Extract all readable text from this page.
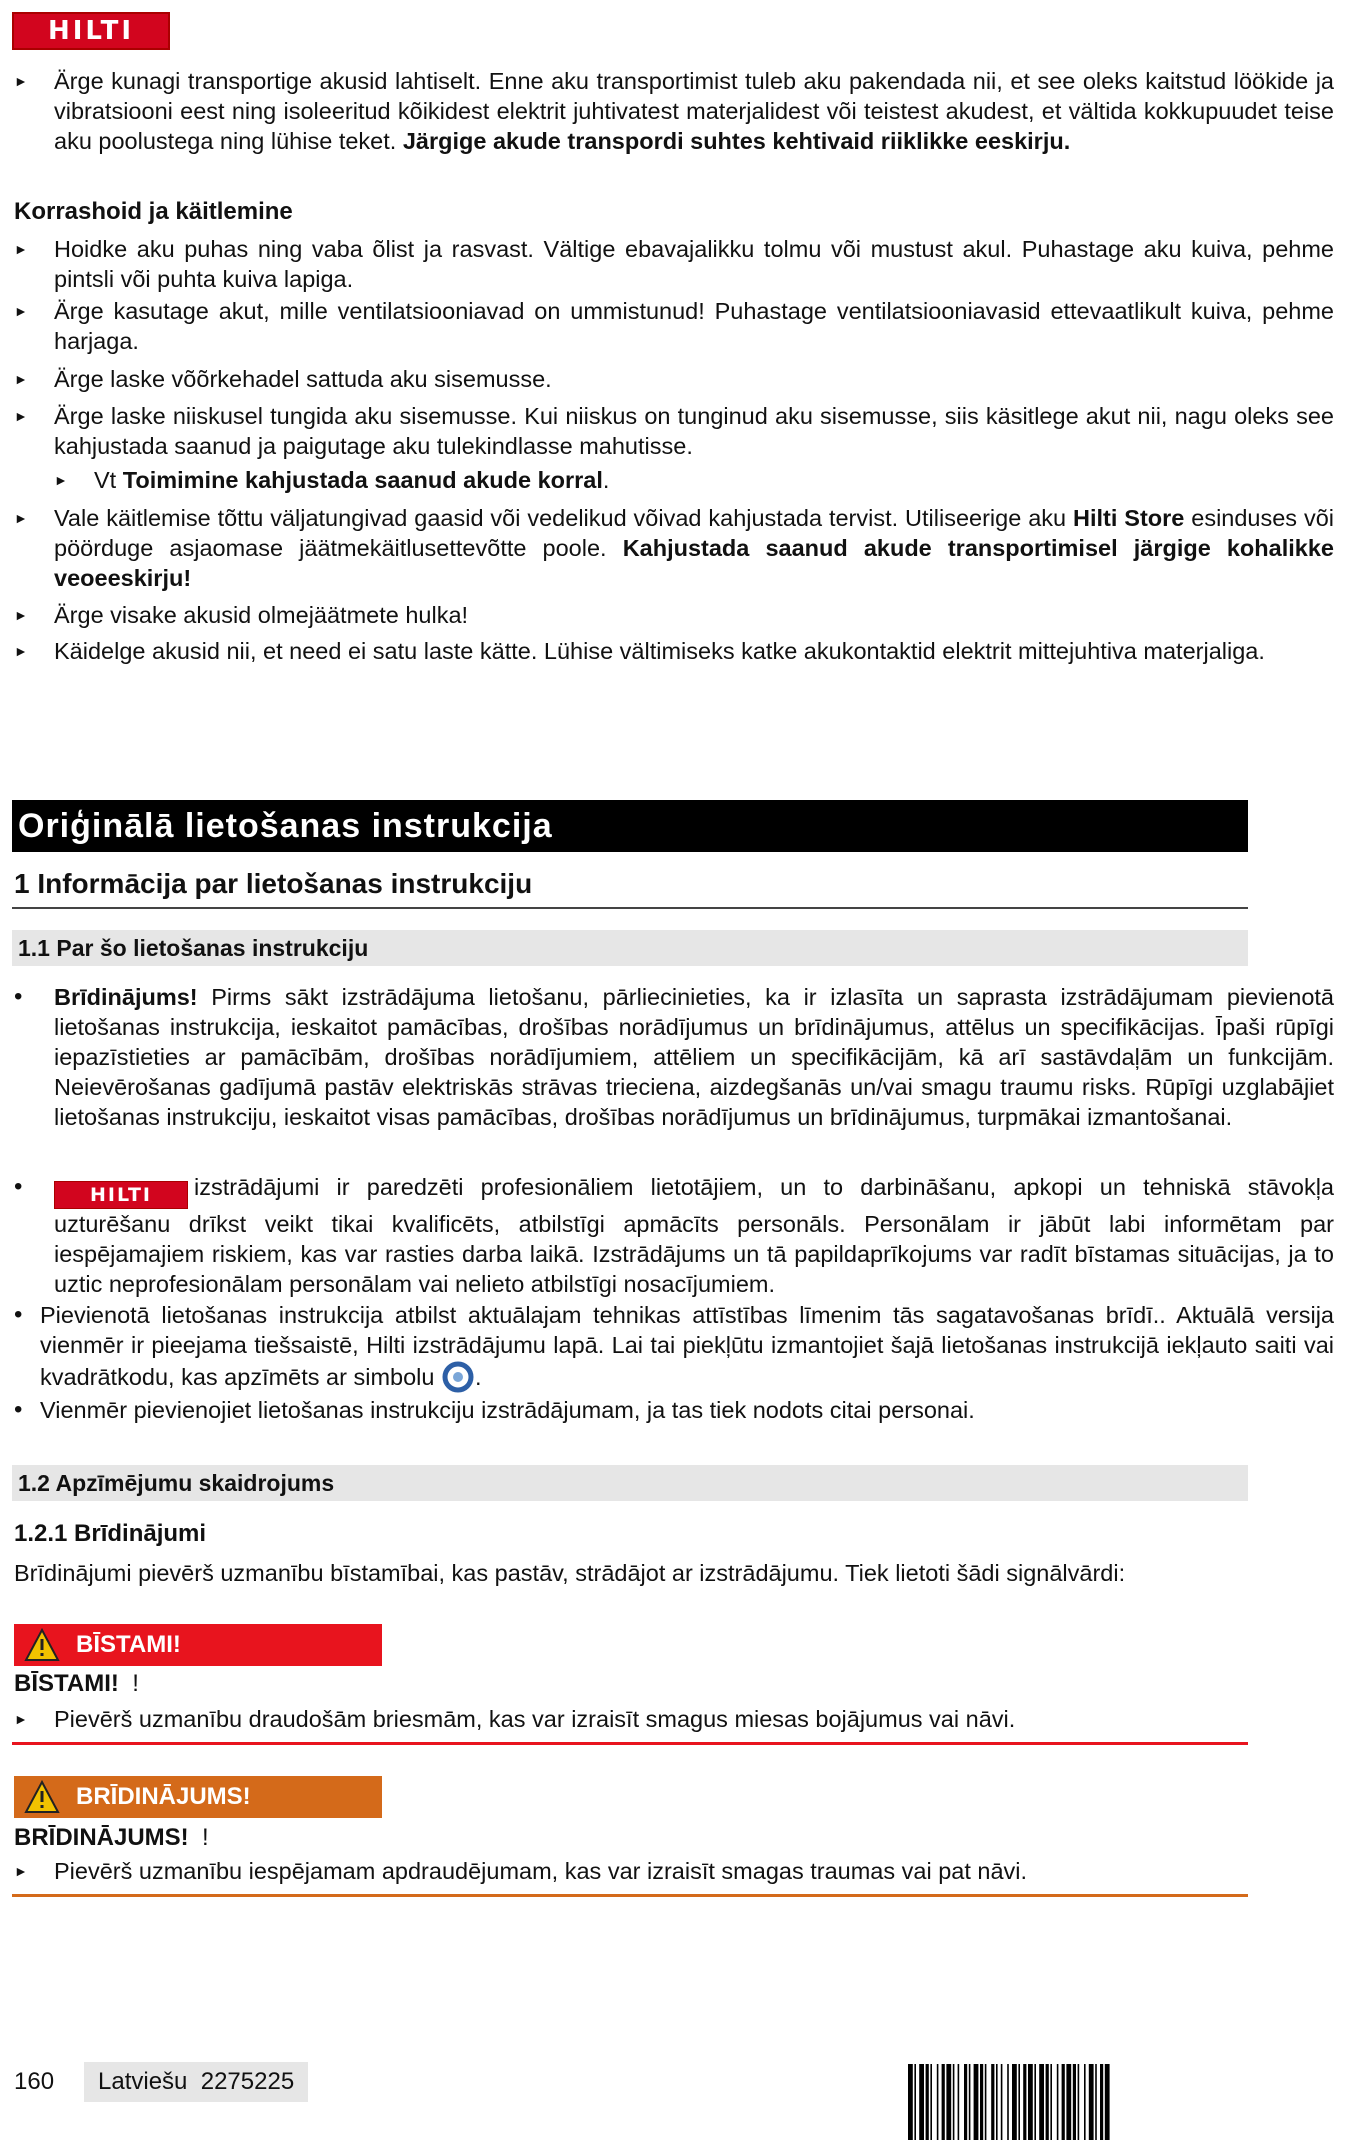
HILTI
► Ärge kunagi transportige akusid lahtiselt. Enne aku transportimist tuleb aku pakendada nii, et see oleks kaitstud löökide ja vibratsiooni eest ning isoleeritud kõikidest elektrit juhtivatest materjalidest või teistest akudest, et vältida kokkupuudet teise aku poolustega ning lühise teket. Järgige akude transpordi suhtes kehtivaid riiklikke eeskirju.
Korrashoid ja käitlemine
► Hoidke aku puhas ning vaba õlist ja rasvast. Vältige ebavajalikku tolmu või mustust akul. Puhastage aku kuiva, pehme pintsli või puhta kuiva lapiga.
► Ärge kasutage akut, mille ventilatsiooniavad on ummistunud! Puhastage ventilatsiooniavasid ettevaatlikult kuiva, pehme harjaga.
► Ärge laske võõrkehadel sattuda aku sisemusse.
► Ärge laske niiskusel tungida aku sisemusse. Kui niiskus on tunginud aku sisemusse, siis käsitlege akut nii, nagu oleks see kahjustada saanud ja paigutage aku tulekindlasse mahutisse.
► Vt Toimimine kahjustada saanud akude korral.
► Vale käitlemise tõttu väljatungivad gaasid või vedelikud võivad kahjustada tervist. Utiliseerige aku Hilti Store esinduses või pöörduge asjaomase jäätmekäitlusettevõtte poole. Kahjustada saanud akude transportimisel järgige kohalikke veoeeskirju!
► Ärge visake akusid olmejäätmete hulka!
► Käidelge akusid nii, et need ei satu laste kätte. Lühise vältimiseks katke akukontaktid elektrit mittejuhtiva materjaliga.
Oriģinālā lietošanas instrukcija
1 Informācija par lietošanas instrukciju
1.1 Par šo lietošanas instrukciju
• Brīdinājums! Pirms sākt izstrādājuma lietošanu, pārliecinieties, ka ir izlasīta un saprasta izstrādājumam pievienotā lietošanas instrukcija, ieskaitot pamācības, drošības norādījumus un brīdinājumus, attēlus un specifikācijas. Īpaši rūpīgi iepazīstieties ar pamācībām, drošības norādījumiem, attēliem un specifikācijām, kā arī sastāvdaļām un funkcijām. Neievērošanas gadījumā pastāv elektriskās strāvas trieciena, aizdegšanās un/vai smagu traumu risks. Rūpīgi uzglabājiet lietošanas instrukciju, ieskaitot visas pamācības, drošības norādījumus un brīdinājumus, turpmākai izmantošanai.
•	HILTI izstrādājumi ir paredzēti profesionāliem lietotājiem, un to darbināšanu, apkopi un tehniskā stāvokļa uzturēšanu drīkst veikt tikai kvalificēts, atbilstīgi apmācīts personāls. Personālam ir jābūt labi informētam par iespējamajiem riskiem, kas var rasties darba laikā. Izstrādājums un tā papildaprīkojums var radīt bīstamas situācijas, ja to uztic neprofesionālam personālam vai nelieto atbilstīgi nosacījumiem.
• Pievienotā lietošanas instrukcija atbilst aktuālajam tehnikas attīstības līmenim tās sagatavošanas brīdī.. Aktuālā versija vienmēr ir pieejama tiešsaistē, Hilti izstrādājumu lapā. Lai tai piekļūtu izmantojiet šajā lietošanas instrukcijā iekļauto saiti vai kvadrātkodu, kas apzīmēts ar simbolu .
• Vienmēr pievienojiet lietošanas instrukciju izstrādājumam, ja tas tiek nodots citai personai.
1.2 Apzīmējumu skaidrojums
1.2.1 Brīdinājumi
Brīdinājumi pievērš uzmanību bīstamībai, kas pastāv, strādājot ar izstrādājumu. Tiek lietoti šādi signālvārdi:
BĪSTAMI!
BĪSTAMI! !
► Pievērš uzmanību draudošām briesmām, kas var izraisīt smagus miesas bojājumus vai nāvi.
BRĪDINĀJUMS!
BRĪDINĀJUMS! !
► Pievērš uzmanību iespējamam apdraudējumam, kas var izraisīt smagas traumas vai pat nāvi.
160	Latviešu 2275225
